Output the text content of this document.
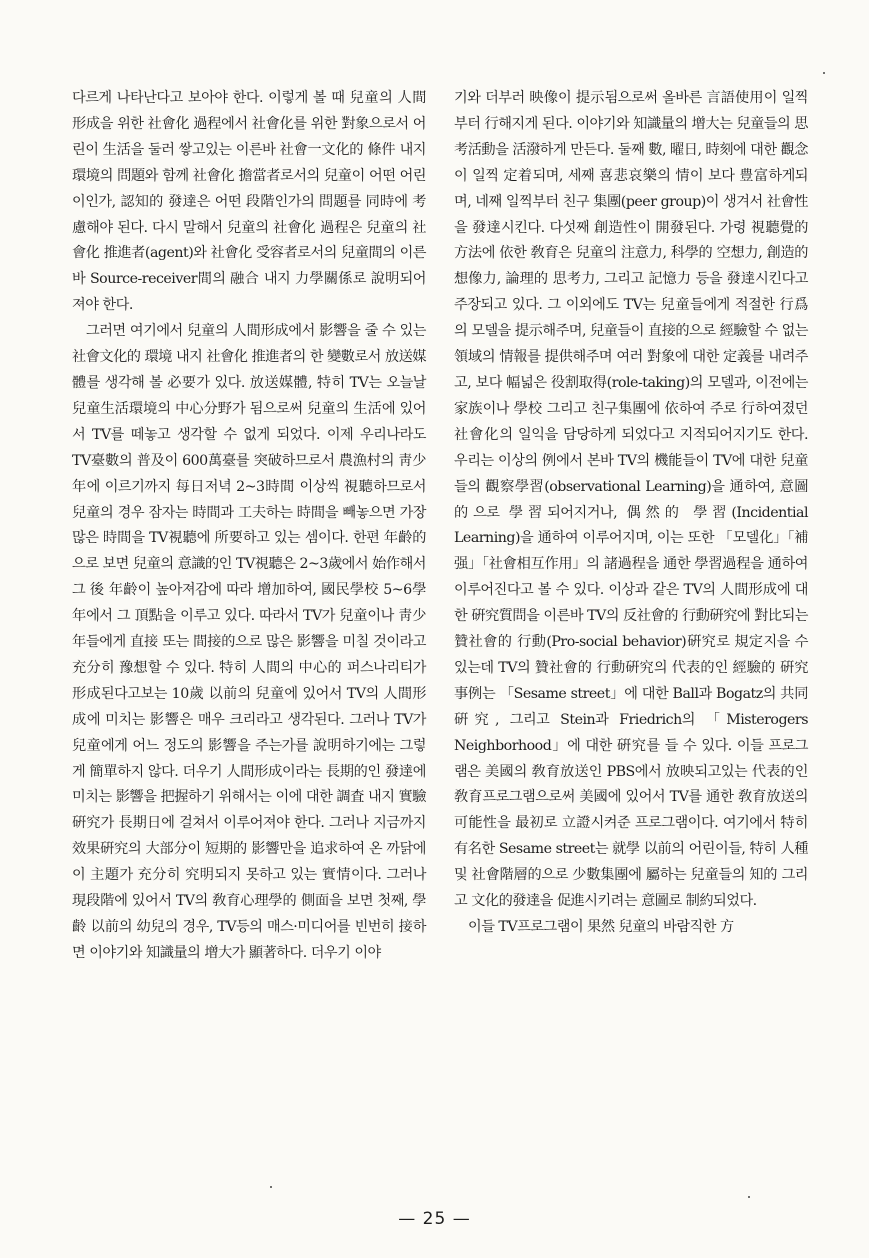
다르게 나타난다고 보아야 한다. 이렇게 볼 때 兒童의 人間形成을 위한 社會化 過程에서 社會化를 위한 對象으로서 어린이 生活을 둘러 쌓고있는 이른바 社會一文化的 條件 내지 環境의 問題와 함께 社會化 擔當者로서의 兒童이 어떤 어린이인가, 認知的 發達은 어떤 段階인가의 問題를 同時에 考慮해야 된다. 다시 말해서 兒童의 社會化 過程은 兒童의 社會化 推進者(agent)와 社會化 受容者로서의 兒童間의 이른바 Source-receiver間의 融合 내지 力學關係로 說明되어져야 한다.

그러면 여기에서 兒童의 人間形成에서 影響을 줄 수 있는 社會文化的 環境 내지 社會化 推進者의 한 變數로서 放送媒體를 생각해 볼 必要가 있다. 放送媒體, 特히 TV는 오늘날 兒童生活環境의 中心分野가 됨으로써 兒童의 生活에 있어서 TV를 떼놓고 생각할 수 없게 되었다. 이제 우리나라도 TV臺數의 普及이 600萬臺를 突破하므로서 農漁村의 靑少年에 이르기까지 每日저녁 2~3時間 이상씩 視聽하므로서 兒童의 경우 잠자는 時間과 工夫하는 時間을 빼놓으면 가장 많은 時間을 TV視聽에 所要하고 있는 셈이다. 한편 年齡的으로 보면 兒童의 意識的인 TV視聽은 2~3歲에서 始作해서 그 後 年齡이 높아져감에 따라 增加하여, 國民學校 5~6學年에서 그 頂點을 이루고 있다. 따라서 TV가 兒童이나 靑少年들에게 直接 또는 間接的으로 많은 影響을 미칠 것이라고 充分히 豫想할 수 있다. 特히 人間의 中心的 퍼스나리티가 形成된다고보는 10歲 以前의 兒童에 있어서 TV의 人間形成에 미치는 影響은 매우 크리라고 생각된다. 그러나 TV가 兒童에게 어느 정도의 影響을 주는가를 說明하기에는 그렇게 簡單하지 않다. 더우기 人間形成이라는 長期的인 發達에 미치는 影響을 把握하기 위해서는 이에 대한 調査 내지 實驗硏究가 長期日에 걸쳐서 이루어져야 한다. 그러나 지금까지 效果硏究의 大部分이 短期的 影響만을 追求하여 온 까닭에 이 主題가 充分히 究明되지 못하고 있는 實情이다. 그러나 現段階에 있어서 TV의 敎育心理學的 側面을 보면 첫째, 學齡 以前의 幼兒의 경우, TV등의 매스·미디어를 빈번히 接하면 이야기와 知識量의 增大가 顯著하다. 더우기 이야

기와 더부러 映像이 提示됨으로써 올바른 言語使用이 일찍부터 行해지게 된다. 이야기와 知識量의 增大는 兒童들의 思考活動을 活潑하게 만든다. 둘째 數, 曜日, 時刻에 대한 觀念이 일찍 定着되며, 세째 喜悲哀樂의 情이 보다 豊富하게되며, 네째 일찍부터 친구 集團(peer group)이 생겨서 社會性을 發達시킨다. 다섯째 創造性이 開發된다. 가령 視聽覺的 方法에 依한 敎育은 兒童의 注意力, 科學的 空想力, 創造的 想像力, 論理的 思考力, 그리고 記憶力 등을 發達시킨다고 주장되고 있다. 그 이외에도 TV는 兒童들에게 적절한 行爲의 모델을 提示해주며, 兒童들이 直接的으로 經驗할 수 없는 領域의 情報를 提供해주며 여러 對象에 대한 定義를 내려주고, 보다 幅넓은 役割取得(role-taking)의 모델과, 이전에는 家族이나 學校 그리고 친구集團에 依하여 주로 行하여졌던 社會化의 일익을 담당하게 되었다고 지적되어지기도 한다. 우리는 이상의 例에서 본바 TV의 機能들이 TV에 대한 兒童들의 觀察學習(observational Learning)을 通하여, 意圖的으로 學習되어지거나, 偶然的 學習(Incidential Learning)을 通하여 이루어지며, 이는 또한 「모델化」「補强」「社會相互作用」의 諸過程을 通한 學習過程을 通하여 이루어진다고 볼 수 있다. 이상과 같은 TV의 人間形成에 대한 硏究質問을 이른바 TV의 反社會的 行動硏究에 對比되는 贊社會的 行動(Pro-social behavior)硏究로 規定지을 수 있는데 TV의 贊社會的 行動硏究의 代表的인 經驗的 硏究事例는 「Sesame street」에 대한 Ball과 Bogatz의 共同硏究, 그리고 Stein과 Friedrich의 「Misterogers Neighborhood」에 대한 硏究를 들 수 있다. 이들 프로그램은 美國의 敎育放送인 PBS에서 放映되고있는 代表的인 敎育프로그램으로써 美國에 있어서 TV를 通한 敎育放送의 可能性을 最初로 立證시켜준 프로그램이다. 여기에서 特히 有名한 Sesame street는 就學 以前의 어린이들, 特히 人種 및 社會階層的으로 少數集團에 屬하는 兒童들의 知的 그리고 文化的發達을 促進시키려는 意圖로 制約되었다.

이들 TV프로그램이 果然 兒童의 바람직한 方

— 25 —
